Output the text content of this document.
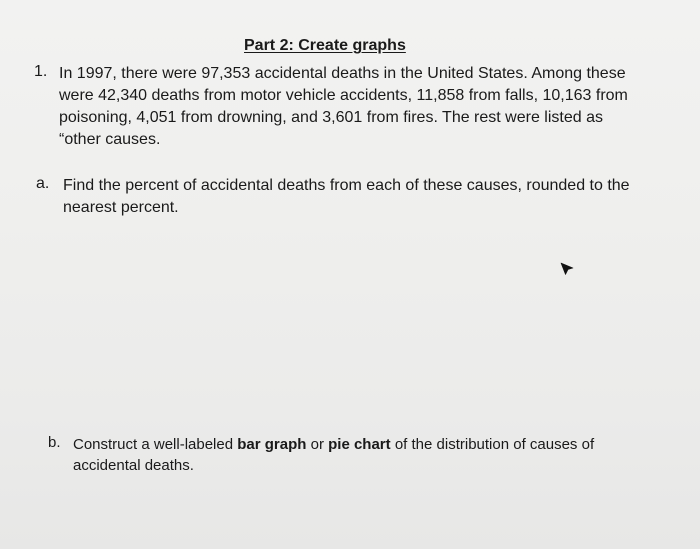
Part 2: Create graphs
1. In 1997, there were 97,353 accidental deaths in the United States. Among these
were 42,340 deaths from motor vehicle accidents, 11,858 from falls, 10,163 from
poisoning, 4,051 from drowning, and 3,601 from fires. The rest were listed as
“other causes.
a. Find the percent of accidental deaths from each of these causes, rounded to the
nearest percent.
b. Construct a well-labeled bar graph or pie chart of the distribution of causes of
accidental deaths.
